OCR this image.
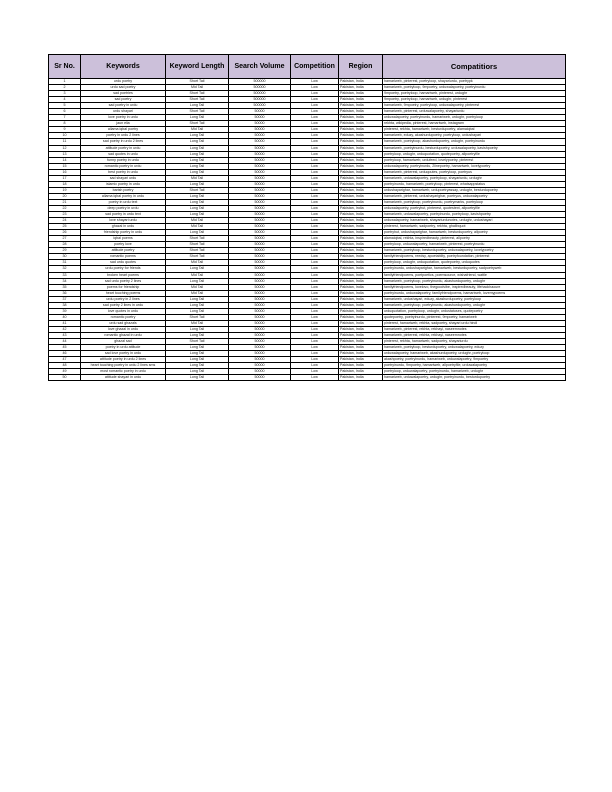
Sr No.	Keywords	Keyword Length	Search Volume	Competition	Region	Compatitiors
1	urdu poetry	Short Tail	500000	Low	Pakistan, India	hamariweb, pinterest, poetryloop, shayariurdu, poetrypk
2	urdu sad poetry	Mid Tail	500000	Low	Pakistan, India	hamariweb, poetryloop, 9mpoetry, urduwalapoetry, poetryinurdu
3	sad poetries	Short Tail	500000	Low	Pakistan, India	9mpoetry, poetryloop, hamariweb, pinterest, urdughr
4	sad poetry	Short Tail	500000	Low	Pakistan, India	9mpoetry, poetryloop, hamariweb, urdughr, pinterest
5	sad poetry in urdu	Long Tail	500000	Low	Pakistan, India	hamariweb, 9mpoetry, poetryloop, urduwalapoetry, pinterest
6	urdu shayari	Short Tail	50000	Low	Pakistan, India	hamariweb, pinterest, urduwalapoetry, shayariurdu
7	love poetry in urdu	Long Tail	50000	Low	Pakistan, India	urduwalapoetry, poetryinurdu, hamariweb, urdughr, poetryloop
8	jaun elia	Short Tail	50000	Low	Pakistan, India	rekhta, wikipedia, pinterest, hamariweb, instagram
9	allama iqbal poetry	Mid Tail	50000	Low	Pakistan, India	pinterest, rekhta, hamariweb, besturdupoetry, alamaiqbal
10	poetry in urdu 2 lines	Long Tail	50000	Low	Pakistan, India	hamariweb, eduzy, akashurdupoetry, poetryloop, urdushayari
11	sad poetry in urdu 2 lines	Long Tail	50000	Low	Pakistan, India	hamariweb, poetryloop, akashurdupoetry, urdughr, poetryinurdu
12	attitude poetry in urdu	Long Tail	50000	Low	Pakistan, India	hamariweb, poetryinurdu, besturdupoetry, urduwalapoetry, kavishpoetry
13	sad quotes in urdu	Long Tail	50000	Low	Pakistan, India	poetryloop, urdughr, urduquotation, quotepoetry, allpoetryfile
14	funny poetry in urdu	Long Tail	50000	Low	Pakistan, India	poetryloop, hamariweb, urdufeed, lovelypoetry, pinterest
15	romantic poetry in urdu	Long Tail	50000	Low	Pakistan, India	urduwalapoetry, poetryinurdu, 2linepoetry, hamariweb, lovelypoetry
16	best poetry in urdu	Long Tail	50000	Low	Pakistan, India	hamariweb, pinterest, urduqoutes, poetryloop, poetryus
17	sad shayari urdu	Mid Tail	50000	Low	Pakistan, India	hamariweb, urduwalapoetry, poetryloop, shayariurdu, urdughr
18	islamic poetry in urdu	Long Tail	50000	Low	Pakistan, India	poetryinurdu, hamariweb, poetryloop, pinterest, whatsappstatus
19	barish poetry	Short Tail	50000	Low	Pakistan, India	urdushayarighar, hamariweb, urdupoetryassay, urdughr, besturdupoetry
20	allama iqbal poetry in urdu	Long Tail	50000	Low	Pakistan, India	hamariweb, pinterest, urdushayarighar, poetryus, urduwalapoetry
21	poetry in urdu text	Long Tail	50000	Low	Pakistan, India	hamariweb, poetryloop, poetryinurdu, poetrymarks, poetryloop
22	deep poetry in urdu	Long Tail	50000	Low	Pakistan, India	urduwalapoetry, poetryhut, pinterest, quotestext, allpoetryfile
23	sad poetry in urdu text	Long Tail	50000	Low	Pakistan, India	hamariweb, urduwalapoetry, poetryinurdu, poetryloop, kavishpoetry
24	love shayari urdu	Mid Tail	50000	Low	Pakistan, India	urduwalapoetry, hamariweb, shayariurdunotes, urdughr, urdushayari
25	ghazal in urdu	Mid Tail	50000	Low	Pakistan, India	pinterest, hamariweb, sadpoetry, rekhta, ghalibquot
26	friendship poetry in urdu	Long Tail	50000	Low	Pakistan, India	poetryhut, urdushayarighar, hamariweb, besturdupoetry, allpoetry
27	iqbal poems	Short Tail	50000	Low	Pakistan, India	alamaiqbal, rekhta, inspiredbeauty, pinterest, allpoetry
28	poetry love	Short Tail	50000	Low	Pakistan, India	poetryloop, urduwalapoetry, hamariweb, pinterest, poetryinurdu
29	attitude poetry	Short Tail	50000	Low	Pakistan, India	hamariweb, poetryloop, besturdupoetry, urduwalapoetry, lovelypoetry
30	romantic poems	Short Tail	50000	Low	Pakistan, India	familyfriendpoems, reedsy, apoetablity, poetryfoundation, pinterest
31	sad urdu quotes	Mid Tail	50000	Low	Pakistan, India	poetryloop, urdughr, urduquotation, quotepoetry, urduquotes
32	urdu poetry for friends	Long Tail	50000	Low	Pakistan, India	poetryinurdu, urdushayarighar, hamariweb, besturdupoetry, sadpoetryweb
33	broken heart poems	Mid Tail	50000	Low	Pakistan, India	familyfriendpoems, poetpoetics, poemsource, wishafriend, wattle
34	sad urdu poetry 2 lines	Long Tail	50000	Low	Pakistan, India	hamariweb, poetryloop, poetryinurdu, akashurdupoetry, urdughr
35	poems for friendship	Mid Tail	50000	Low	Pakistan, India	familyfriendpoems, lovelovo, thegoodvibe, inspiredbeauty, lifehackhaoure
36	heart touching poems	Mid Tail	50000	Low	Pakistan, India	poetryinurdu, urduwalapoetry, familyfriendpoems, hamariweb, lovemypoems
37	urdu poetry in 2 lines	Long Tail	50000	Low	Pakistan, India	hamariweb, urdushayari, eduzy, akashurdupoetry, poetryloop
38	sad poetry 2 lines in urdu	Long Tail	50000	Low	Pakistan, India	hamariweb, poetryloop, poetryinurdu, akashurdupoetry, urdughr
39	love quotes in urdu	Long Tail	50000	Low	Pakistan, India	urduquotation, poetryloop, urdughr, urdustatuses, quotepoetry
40	romantic poetry	Short Tail	50000	Low	Pakistan, India	quotepoetry, poetryinurdu, pinterest, 9mpoetry, hamariweb
41	urdu sad ghazals	Mid Tail	50000	Low	Pakistan, India	pinterest, hamariweb, rekhta, sadpoetry, shayari urdu hindi
42	love ghazal in urdu	Long Tail	50000	Low	Pakistan, India	hamariweb, pinterest, rekhta, rekhayi, naseemnotes
43	romantic ghazal in urdu	Long Tail	50000	Low	Pakistan, India	hamariweb, pinterest, rekhta, rekhayi, naseemnotes
44	ghazal sad	Short Tail	50000	Low	Pakistan, India	pinterest, rekhta, hamariweb, sadpoetry, shayariurdu
45	poetry in urdu attitude	Long Tail	50000	Low	Pakistan, India	hamariweb, poetryloop, besturdupoetry, urduwalapoetry, eduzy
46	sad love poetry in urdu	Long Tail	50000	Low	Pakistan, India	urduwalapoetry, hamariweb, akashurdupoetry, urdughr, poetryloop
47	attitude poetry in urdu 2 lines	Long Tail	50000	Low	Pakistan, India	akashpoetry, poetryinurdu, hamariweb, urduwalapoetry, 9mpoetry
48	heart touching poetry in urdu 2 lines sms	Long Tail	50000	Low	Pakistan, India	poetryinurdu, 9mpoetry, hamariweb, allpoetryfile, urduwalapoetry
49	most romantic poetry in urdu	Long Tail	50000	Low	Pakistan, India	poetryloop, urduwalapoetry, poetryinurdu, hamariweb, urdughr
50	attitude shayari in urdu	Long Tail	50000	Low	Pakistan, India	hamariweb, urduwalapoetry, urdughr, poetryinurdu, besturdupoetry
